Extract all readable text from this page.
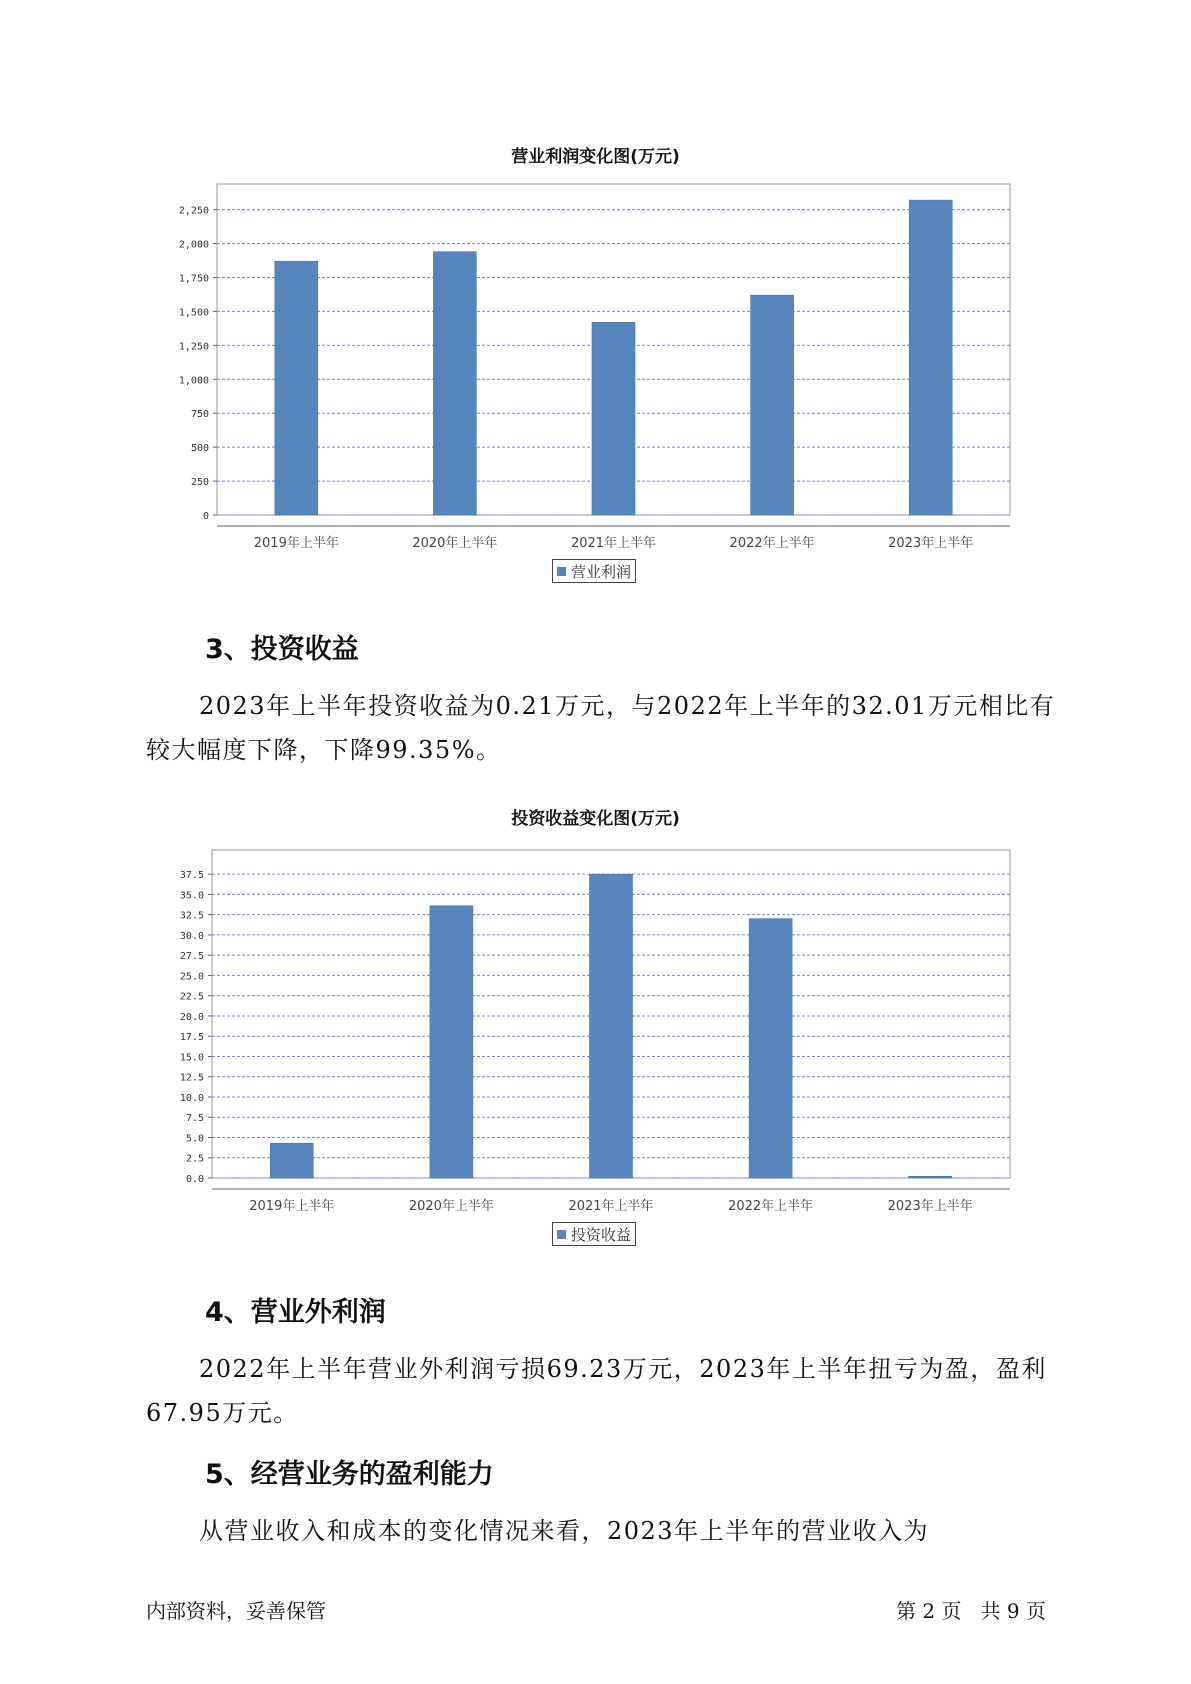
营业利润变化图(万元)
0
250
500
750
1,000
1,250
1,500
1,750
2,000
2,250
2019年上半年	2020年上半年	2021年上半年	2022年上半年	2023年上半年
营业利润
3、投资收益

2023年上半年投资收益为0.21万元，与2022年上半年的32.01万元相比有较大幅度下降，下降99.35%。

投资收益变化图(万元)
0.0
2.5
5.0
7.5
10.0
12.5
15.0
17.5
20.0
22.5
25.0
27.5
30.0
32.5
35.0
37.5
2019年上半年	2020年上半年	2021年上半年	2022年上半年	2023年上半年
投资收益
4、营业外利润

2022年上半年营业外利润亏损69.23万元，2023年上半年扭亏为盈，盈利67.95万元。

5、经营业务的盈利能力

从营业收入和成本的变化情况来看，2023年上半年的营业收入为

内部资料，妥善保管	第 2 页   共 9 页
